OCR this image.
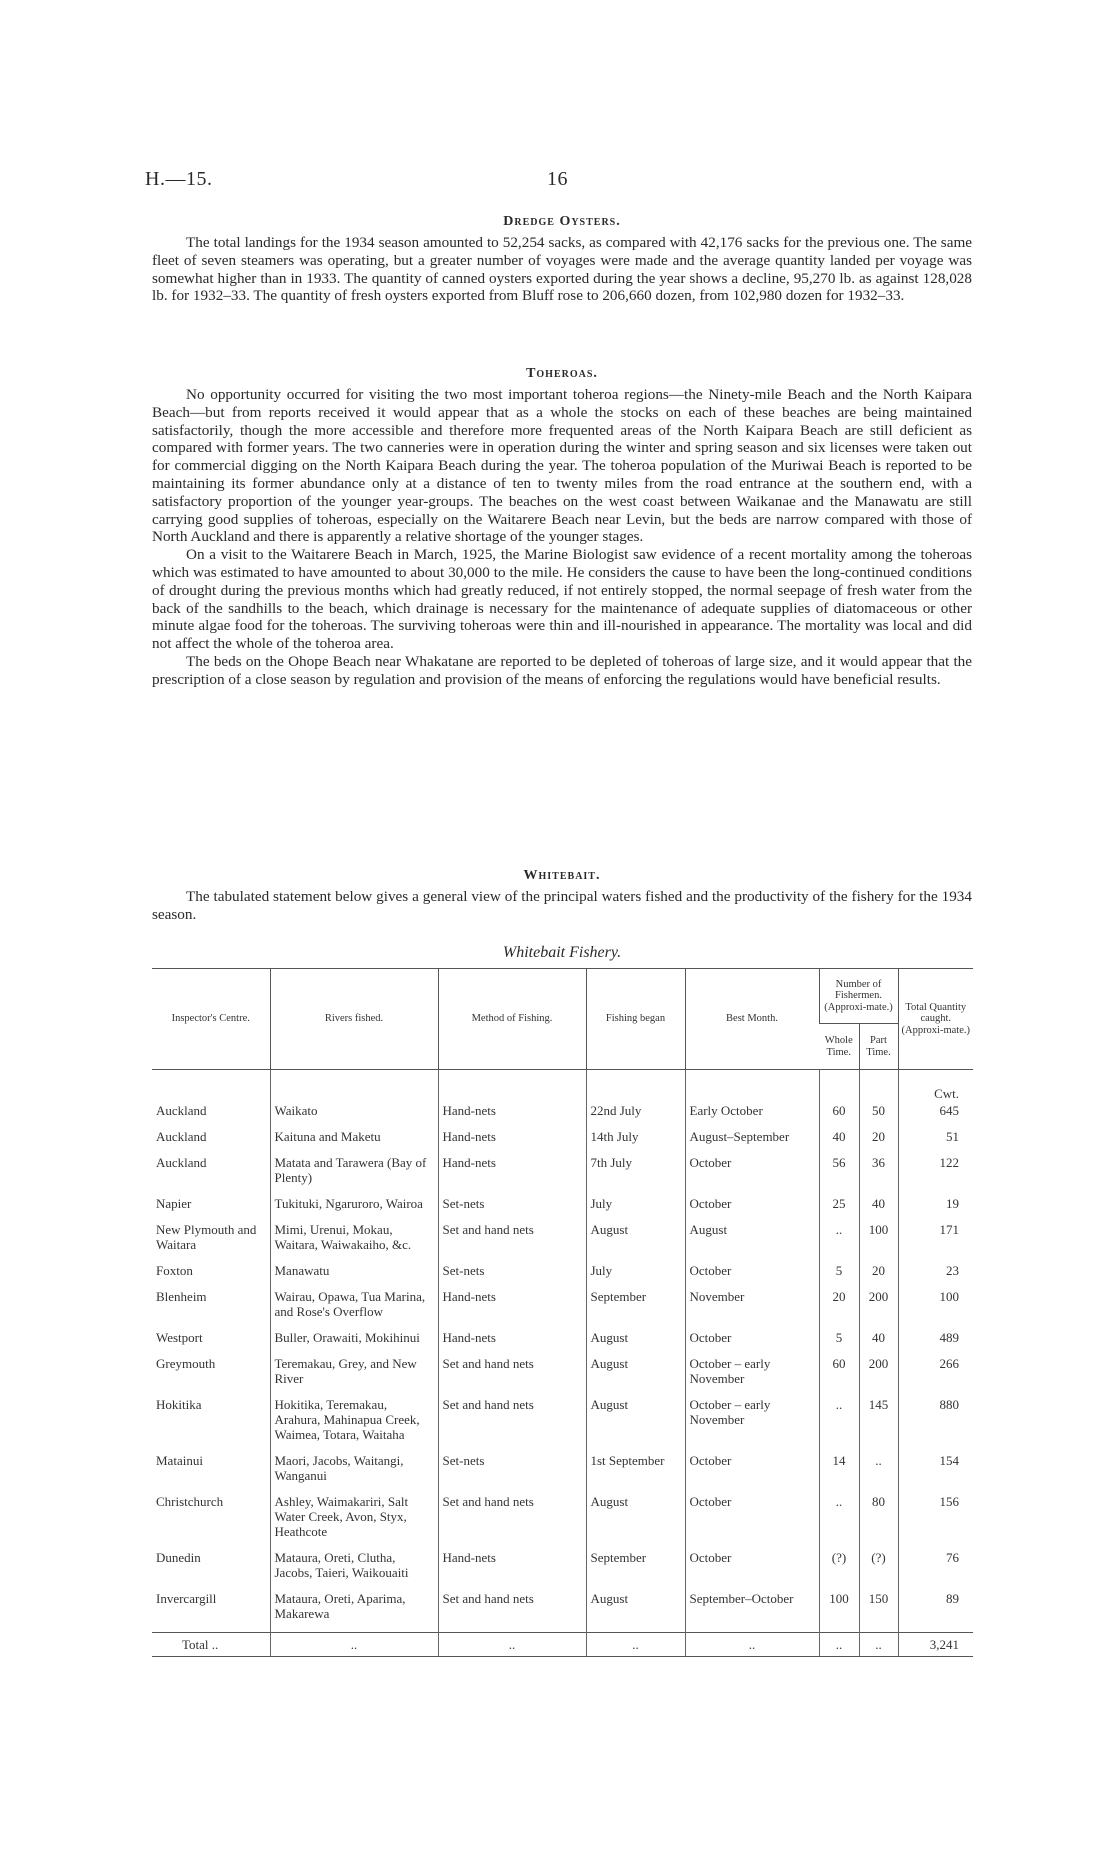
H.—15.	16
Dredge Oysters.

The total landings for the 1934 season amounted to 52,254 sacks, as compared with 42,176 sacks for the previous one. The same fleet of seven steamers was operating, but a greater number of voyages were made and the average quantity landed per voyage was somewhat higher than in 1933. The quantity of canned oysters exported during the year shows a decline, 95,270 lb. as against 128,028 lb. for 1932–33. The quantity of fresh oysters exported from Bluff rose to 206,660 dozen, from 102,980 dozen for 1932–33.

Toheroas.

No opportunity occurred for visiting the two most important toheroa regions—the Ninety-mile Beach and the North Kaipara Beach—but from reports received it would appear that as a whole the stocks on each of these beaches are being maintained satisfactorily, though the more accessible and therefore more frequented areas of the North Kaipara Beach are still deficient as compared with former years. The two canneries were in operation during the winter and spring season and six licenses were taken out for commercial digging on the North Kaipara Beach during the year. The toheroa population of the Muriwai Beach is reported to be maintaining its former abundance only at a distance of ten to twenty miles from the road entrance at the southern end, with a satisfactory proportion of the younger year-groups. The beaches on the west coast between Waikanae and the Manawatu are still carrying good supplies of toheroas, especially on the Waitarere Beach near Levin, but the beds are narrow compared with those of North Auckland and there is apparently a relative shortage of the younger stages.

On a visit to the Waitarere Beach in March, 1925, the Marine Biologist saw evidence of a recent mortality among the toheroas which was estimated to have amounted to about 30,000 to the mile. He considers the cause to have been the long-continued conditions of drought during the previous months which had greatly reduced, if not entirely stopped, the normal seepage of fresh water from the back of the sandhills to the beach, which drainage is necessary for the maintenance of adequate supplies of diatomaceous or other minute algae food for the toheroas. The surviving toheroas were thin and ill-nourished in appearance. The mortality was local and did not affect the whole of the toheroa area.

The beds on the Ohope Beach near Whakatane are reported to be depleted of toheroas of large size, and it would appear that the prescription of a close season by regulation and provision of the means of enforcing the regulations would have beneficial results.

Whitebait.

The tabulated statement below gives a general view of the principal waters fished and the productivity of the fishery for the 1934 season.

Whitebait Fishery.
Inspector's Centre.	Rivers fished.	Method of Fishing.	Fishing began	Best Month.	Number of Fishermen. (Approxi-mate.)		Total Quantity caught. (Approxi-mate.)
					Whole Time.	Part Time.	
							Cwt.
Auckland	Waikato	Hand-nets	22nd July	Early October	60	50	645
Auckland	Kaituna and Maketu	Hand-nets	14th July	August–September	40	20	51
Auckland	Matata and Tarawera (Bay of Plenty)	Hand-nets	7th July	October	56	36	122
Napier	Tukituki, Ngaruroro, Wairoa	Set-nets	July	October	25	40	19
New Plymouth and Waitara	Mimi, Urenui, Mokau, Waitara, Waiwakaiho, &c.	Set and hand nets	August	August	..	100	171
Foxton	Manawatu	Set-nets	July	October	5	20	23
Blenheim	Wairau, Opawa, Tua Marina, and Rose's Overflow	Hand-nets	September	November	20	200	100
Westport	Buller, Orawaiti, Mokihinui	Hand-nets	August	October	5	40	489
Greymouth	Teremakau, Grey, and New River	Set and hand nets	August	October – early November	60	200	266
Hokitika	Hokitika, Teremakau, Arahura, Mahinapua Creek, Waimea, Totara, Waitaha	Set and hand nets	August	October – early November	..	145	880
Matainui	Maori, Jacobs, Waitangi, Wanganui	Set-nets	1st September	October	14	..	154
Christchurch	Ashley, Waimakariri, Salt Water Creek, Avon, Styx, Heathcote	Set and hand nets	August	October	..	80	156
Dunedin	Mataura, Oreti, Clutha, Jacobs, Taieri, Waikouaiti	Hand-nets	September	October	(?)	(?)	76
Invercargill	Mataura, Oreti, Aparima, Makarewa	Set and hand nets	August	September–October	100	150	89
Total ..	..	..	..	..	..	..	3,241
